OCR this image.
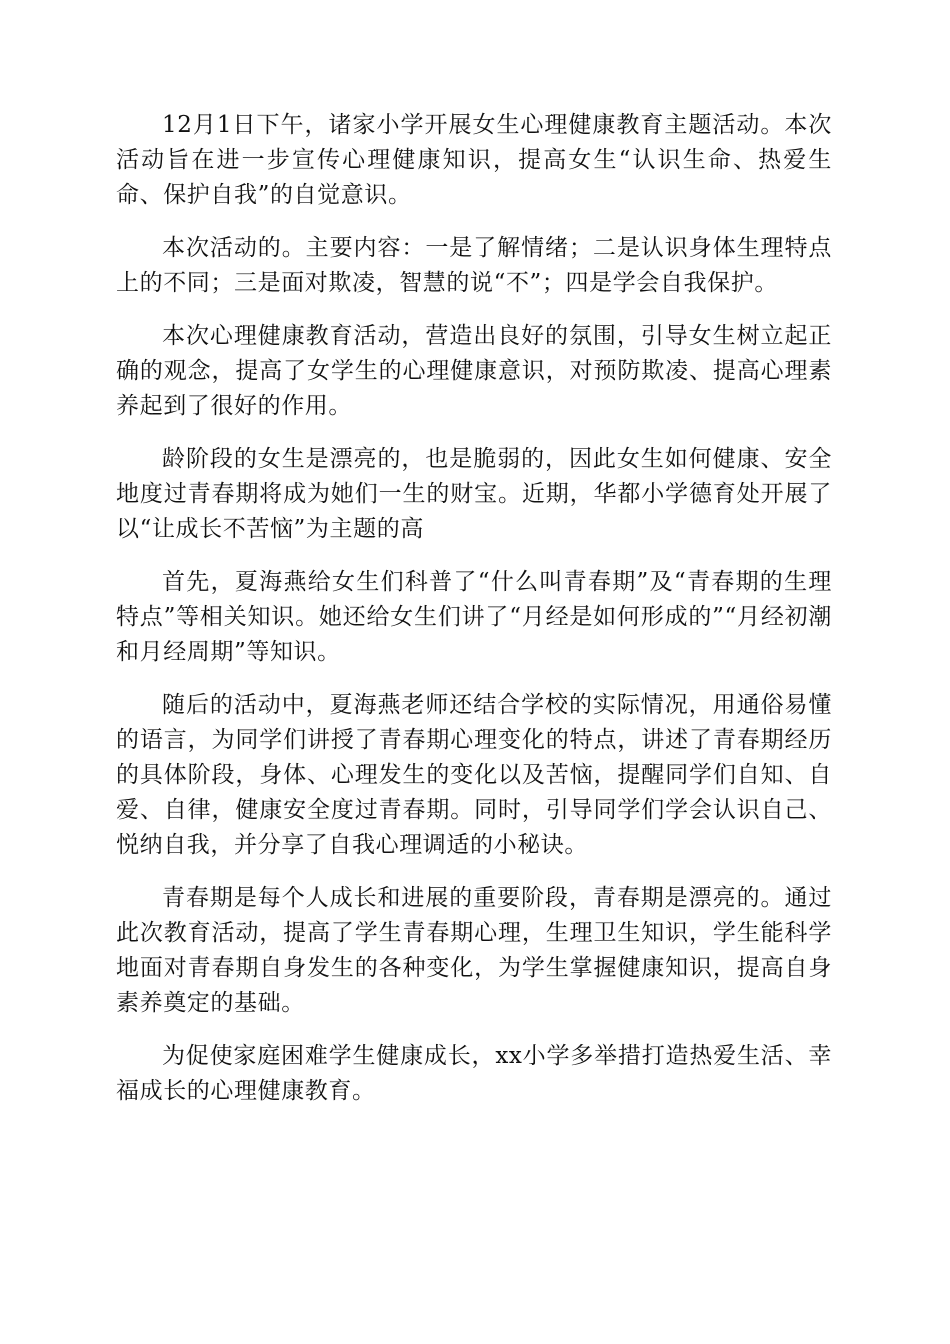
12月1日下午，诸家小学开展女生心理健康教育主题活动。本次活动旨在进一步宣传心理健康知识，提高女生“认识生命、热爱生命、保护自我”的自觉意识。

本次活动的。主要内容：一是了解情绪；二是认识身体生理特点上的不同；三是面对欺凌，智慧的说“不”；四是学会自我保护。

本次心理健康教育活动，营造出良好的氛围，引导女生树立起正确的观念，提高了女学生的心理健康意识，对预防欺凌、提高心理素养起到了很好的作用。

龄阶段的女生是漂亮的，也是脆弱的，因此女生如何健康、安全地度过青春期将成为她们一生的财宝。近期，华都小学德育处开展了以“让成长不苦恼”为主题的高

首先，夏海燕给女生们科普了“什么叫青春期”及“青春期的生理特点”等相关知识。她还给女生们讲了“月经是如何形成的”“月经初潮和月经周期”等知识。

随后的活动中，夏海燕老师还结合学校的实际情况，用通俗易懂的语言，为同学们讲授了青春期心理变化的特点，讲述了青春期经历的具体阶段，身体、心理发生的变化以及苦恼，提醒同学们自知、自爱、自律，健康安全度过青春期。同时，引导同学们学会认识自己、悦纳自我，并分享了自我心理调适的小秘诀。

青春期是每个人成长和进展的重要阶段，青春期是漂亮的。通过此次教育活动，提高了学生青春期心理，生理卫生知识，学生能科学地面对青春期自身发生的各种变化，为学生掌握健康知识，提高自身素养奠定的基础。

为促使家庭困难学生健康成长，xx小学多举措打造热爱生活、幸福成长的心理健康教育。
